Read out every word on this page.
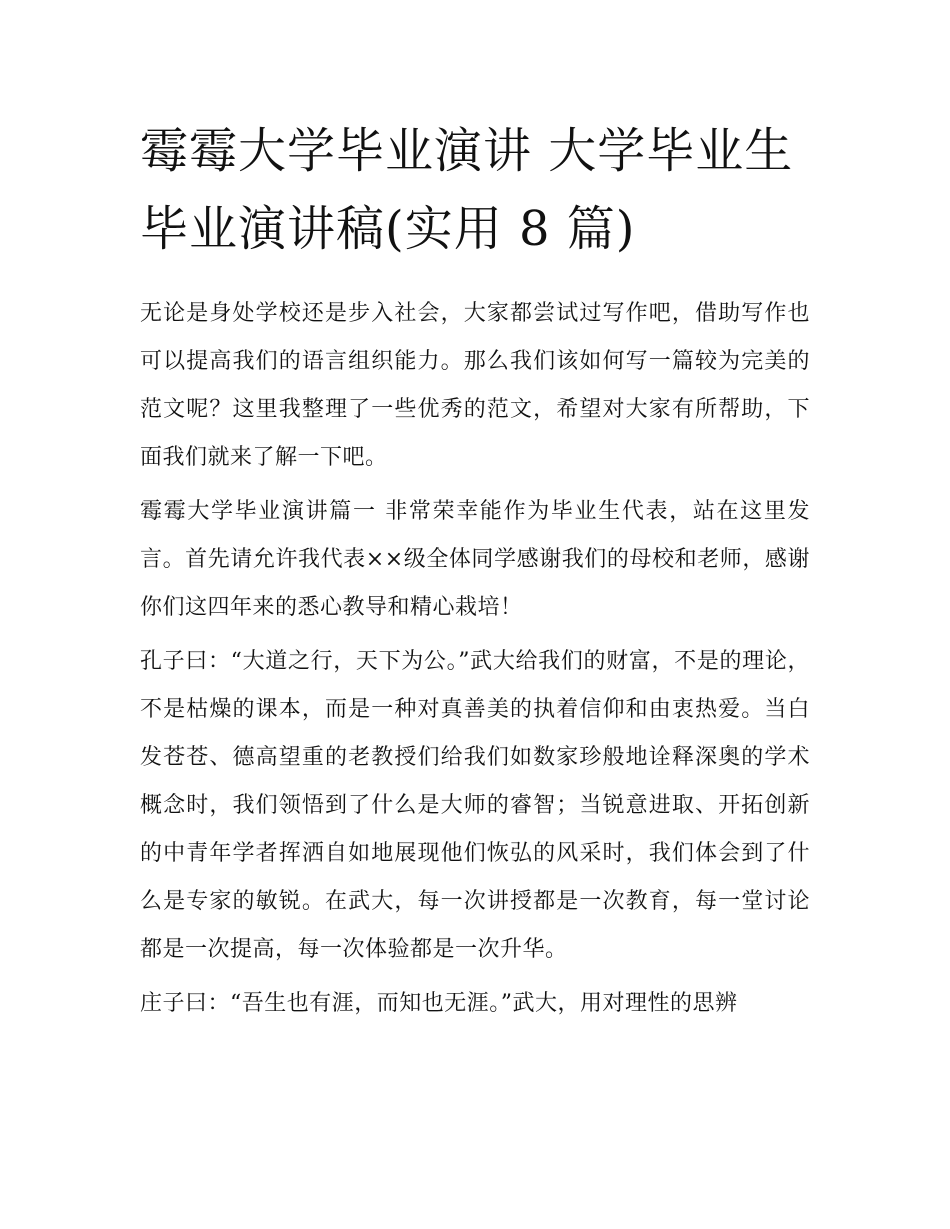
霉霉大学毕业演讲 大学毕业生毕业演讲稿(实用 8 篇)

无论是身处学校还是步入社会，大家都尝试过写作吧，借助写作也可以提高我们的语言组织能力。那么我们该如何写一篇较为完美的范文呢？这里我整理了一些优秀的范文，希望对大家有所帮助，下面我们就来了解一下吧。

霉霉大学毕业演讲篇一 非常荣幸能作为毕业生代表，站在这里发言。首先请允许我代表××级全体同学感谢我们的母校和老师，感谢你们这四年来的悉心教导和精心栽培！

孔子曰：“大道之行，天下为公。”武大给我们的财富，不是的理论，不是枯燥的课本，而是一种对真善美的执着信仰和由衷热爱。当白发苍苍、德高望重的老教授们给我们如数家珍般地诠释深奥的学术概念时，我们领悟到了什么是大师的睿智；当锐意进取、开拓创新的中青年学者挥洒自如地展现他们恢弘的风采时，我们体会到了什么是专家的敏锐。在武大，每一次讲授都是一次教育，每一堂讨论都是一次提高，每一次体验都是一次升华。

庄子曰：“吾生也有涯，而知也无涯。”武大，用对理性的思辨
